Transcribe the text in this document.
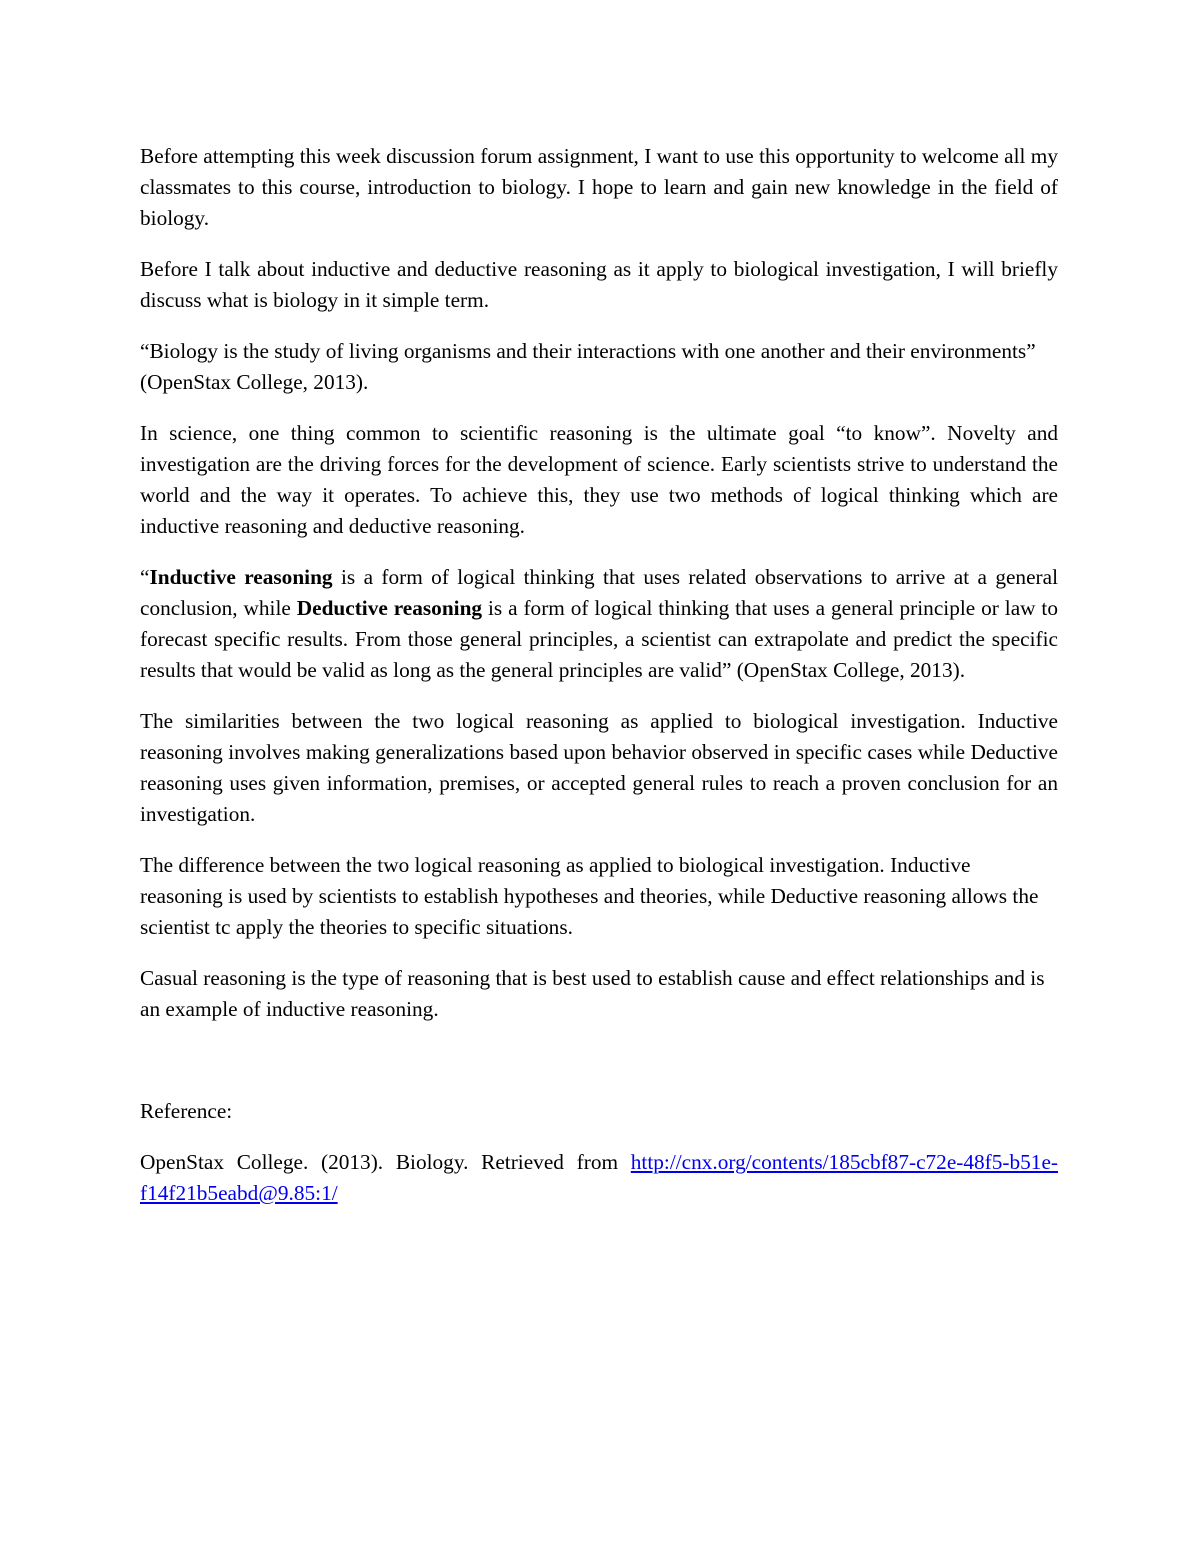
Before attempting this week discussion forum assignment, I want to use this opportunity to welcome all my classmates to this course, introduction to biology. I hope to learn and gain new knowledge in the field of biology.

Before I talk about inductive and deductive reasoning as it apply to biological investigation, I will briefly discuss what is biology in it simple term.

“Biology is the study of living organisms and their interactions with one another and their environments” (OpenStax College, 2013).

In science, one thing common to scientific reasoning is the ultimate goal “to know”. Novelty and investigation are the driving forces for the development of science. Early scientists strive to understand the world and the way it operates. To achieve this, they use two methods of logical thinking which are inductive reasoning and deductive reasoning.

“Inductive reasoning is a form of logical thinking that uses related observations to arrive at a general conclusion, while Deductive reasoning is a form of logical thinking that uses a general principle or law to forecast specific results. From those general principles, a scientist can extrapolate and predict the specific results that would be valid as long as the general principles are valid” (OpenStax College, 2013).

The similarities between the two logical reasoning as applied to biological investigation. Inductive reasoning involves making generalizations based upon behavior observed in specific cases while Deductive reasoning uses given information, premises, or accepted general rules to reach a proven conclusion for an investigation.

The difference between the two logical reasoning as applied to biological investigation. Inductive reasoning is used by scientists to establish hypotheses and theories, while Deductive reasoning allows the scientist tc apply the theories to specific situations.

Casual reasoning is the type of reasoning that is best used to establish cause and effect relationships and is an example of inductive reasoning.

Reference:

OpenStax College. (2013). Biology. Retrieved from http://cnx.org/contents/185cbf87-c72e-48f5-b51e-f14f21b5eabd@9.85:1/
